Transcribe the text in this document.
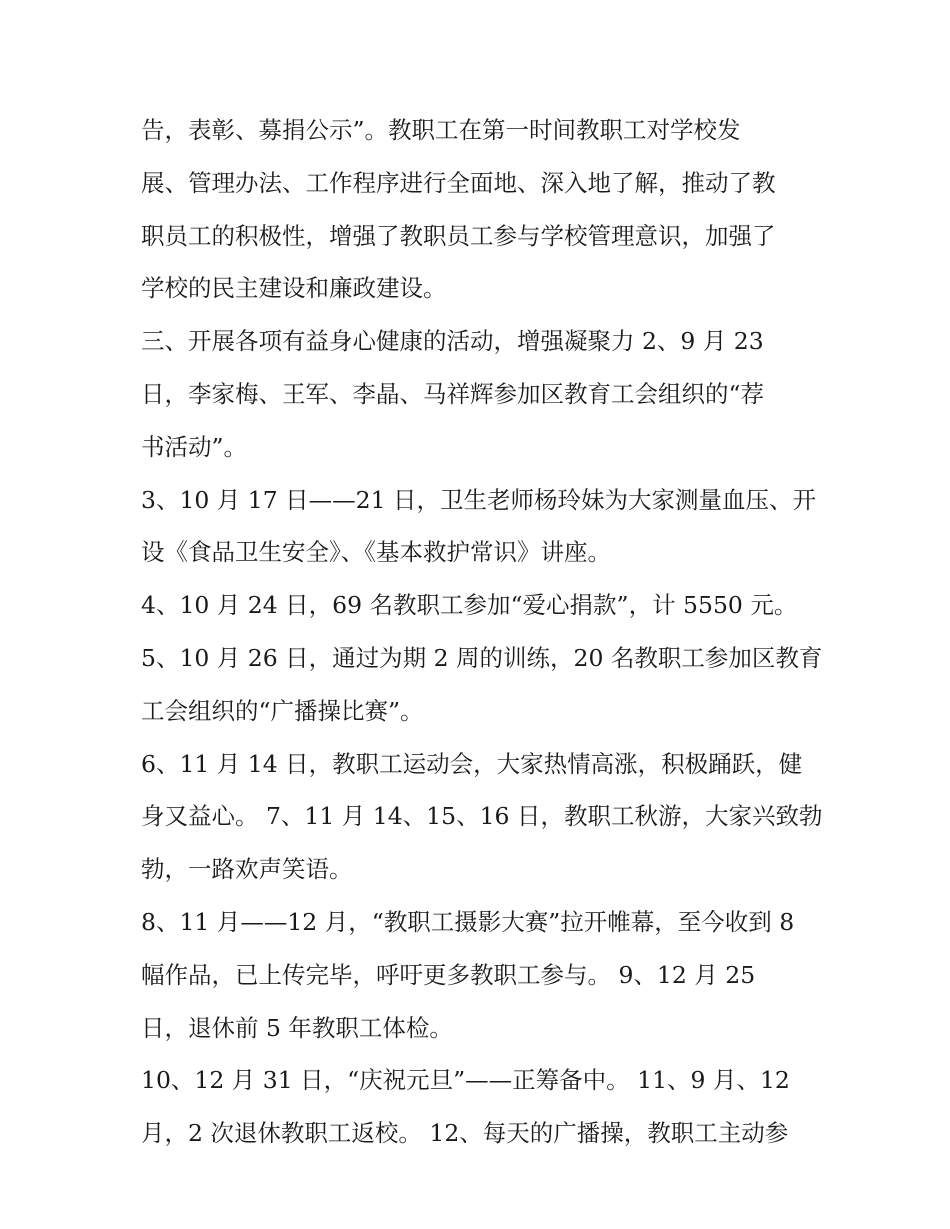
告，表彰、募捐公示”。教职工在第一时间教职工对学校发
展、管理办法、工作程序进行全面地、深入地了解，推动了教
职员工的积极性，增强了教职员工参与学校管理意识，加强了
学校的民主建设和廉政建设。
三、开展各项有益身心健康的活动，增强凝聚力 2、9 月 23
日，李家梅、王军、李晶、马祥辉参加区教育工会组织的“荐
书活动”。
3、10 月 17 日——21 日，卫生老师杨玲妹为大家测量血压、开
设《食品卫生安全》、《基本救护常识》讲座。
4、10 月 24 日，69 名教职工参加“爱心捐款”，计 5550 元。
5、10 月 26 日，通过为期 2 周的训练，20 名教职工参加区教育
工会组织的“广播操比赛”。
6、11 月 14 日，教职工运动会，大家热情高涨，积极踊跃，健
身又益心。 7、11 月 14、15、16 日，教职工秋游，大家兴致勃
勃，一路欢声笑语。
8、11 月——12 月，“教职工摄影大赛”拉开帷幕，至今收到 8
幅作品，已上传完毕，呼吁更多教职工参与。 9、12 月 25
日，退休前 5 年教职工体检。
10、12 月 31 日，“庆祝元旦”——正筹备中。 11、9 月、12
月，2 次退休教职工返校。 12、每天的广播操，教职工主动参
